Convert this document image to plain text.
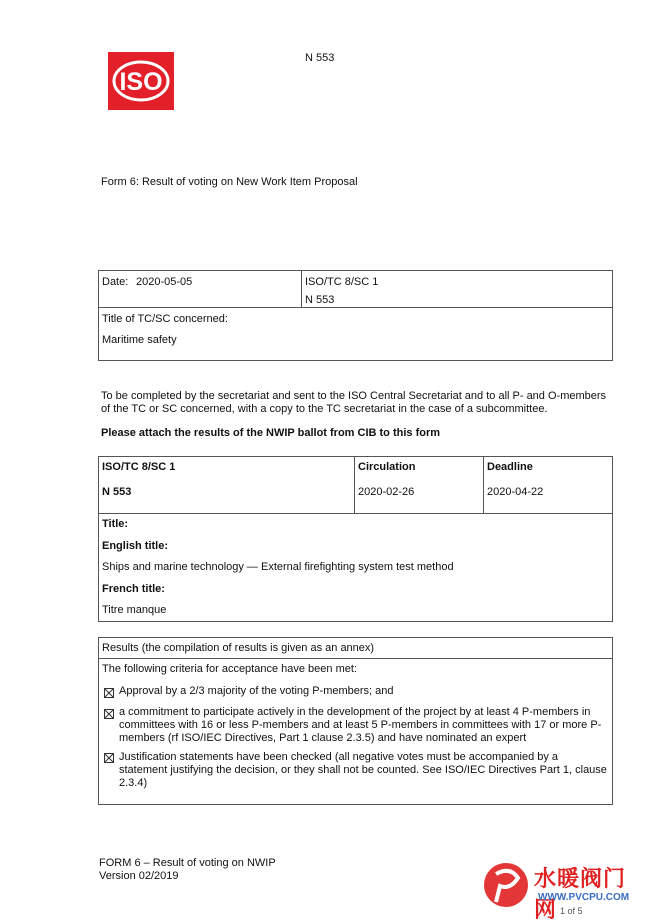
ISO
N 553
Form 6: Result of voting on New Work Item Proposal
Date: 2020-05-05	ISO/TC 8/SC 1
N 553
Title of TC/SC concerned:
Maritime safety
To be completed by the secretariat and sent to the ISO Central Secretariat and to all P- and O-members of the TC or SC concerned, with a copy to the TC secretariat in the case of a subcommittee.
Please attach the results of the NWIP ballot from CIB to this form
ISO/TC 8/SC 1
N 553
Circulation
2020-02-26
Deadline
2020-04-22
Title:
English title:
Ships and marine technology — External firefighting system test method
French title:
Titre manque
Results (the compilation of results is given as an annex)
The following criteria for acceptance have been met:
Approval by a 2/3 majority of the voting P-members; and
a commitment to participate actively in the development of the project by at least 4 P-members in committees with 16 or less P-members and at least 5 P-members in committees with 17 or more P-members (rf ISO/IEC Directives, Part 1 clause 2.3.5) and have nominated an expert
Justification statements have been checked (all negative votes must be accompanied by a statement justifying the decision, or they shall not be counted. See ISO/IEC Directives Part 1, clause 2.3.4)
FORM 6 – Result of voting on NWIP
Version 02/2019
1 of 5
水暖阀门网
WWW.PVCPU.COM
